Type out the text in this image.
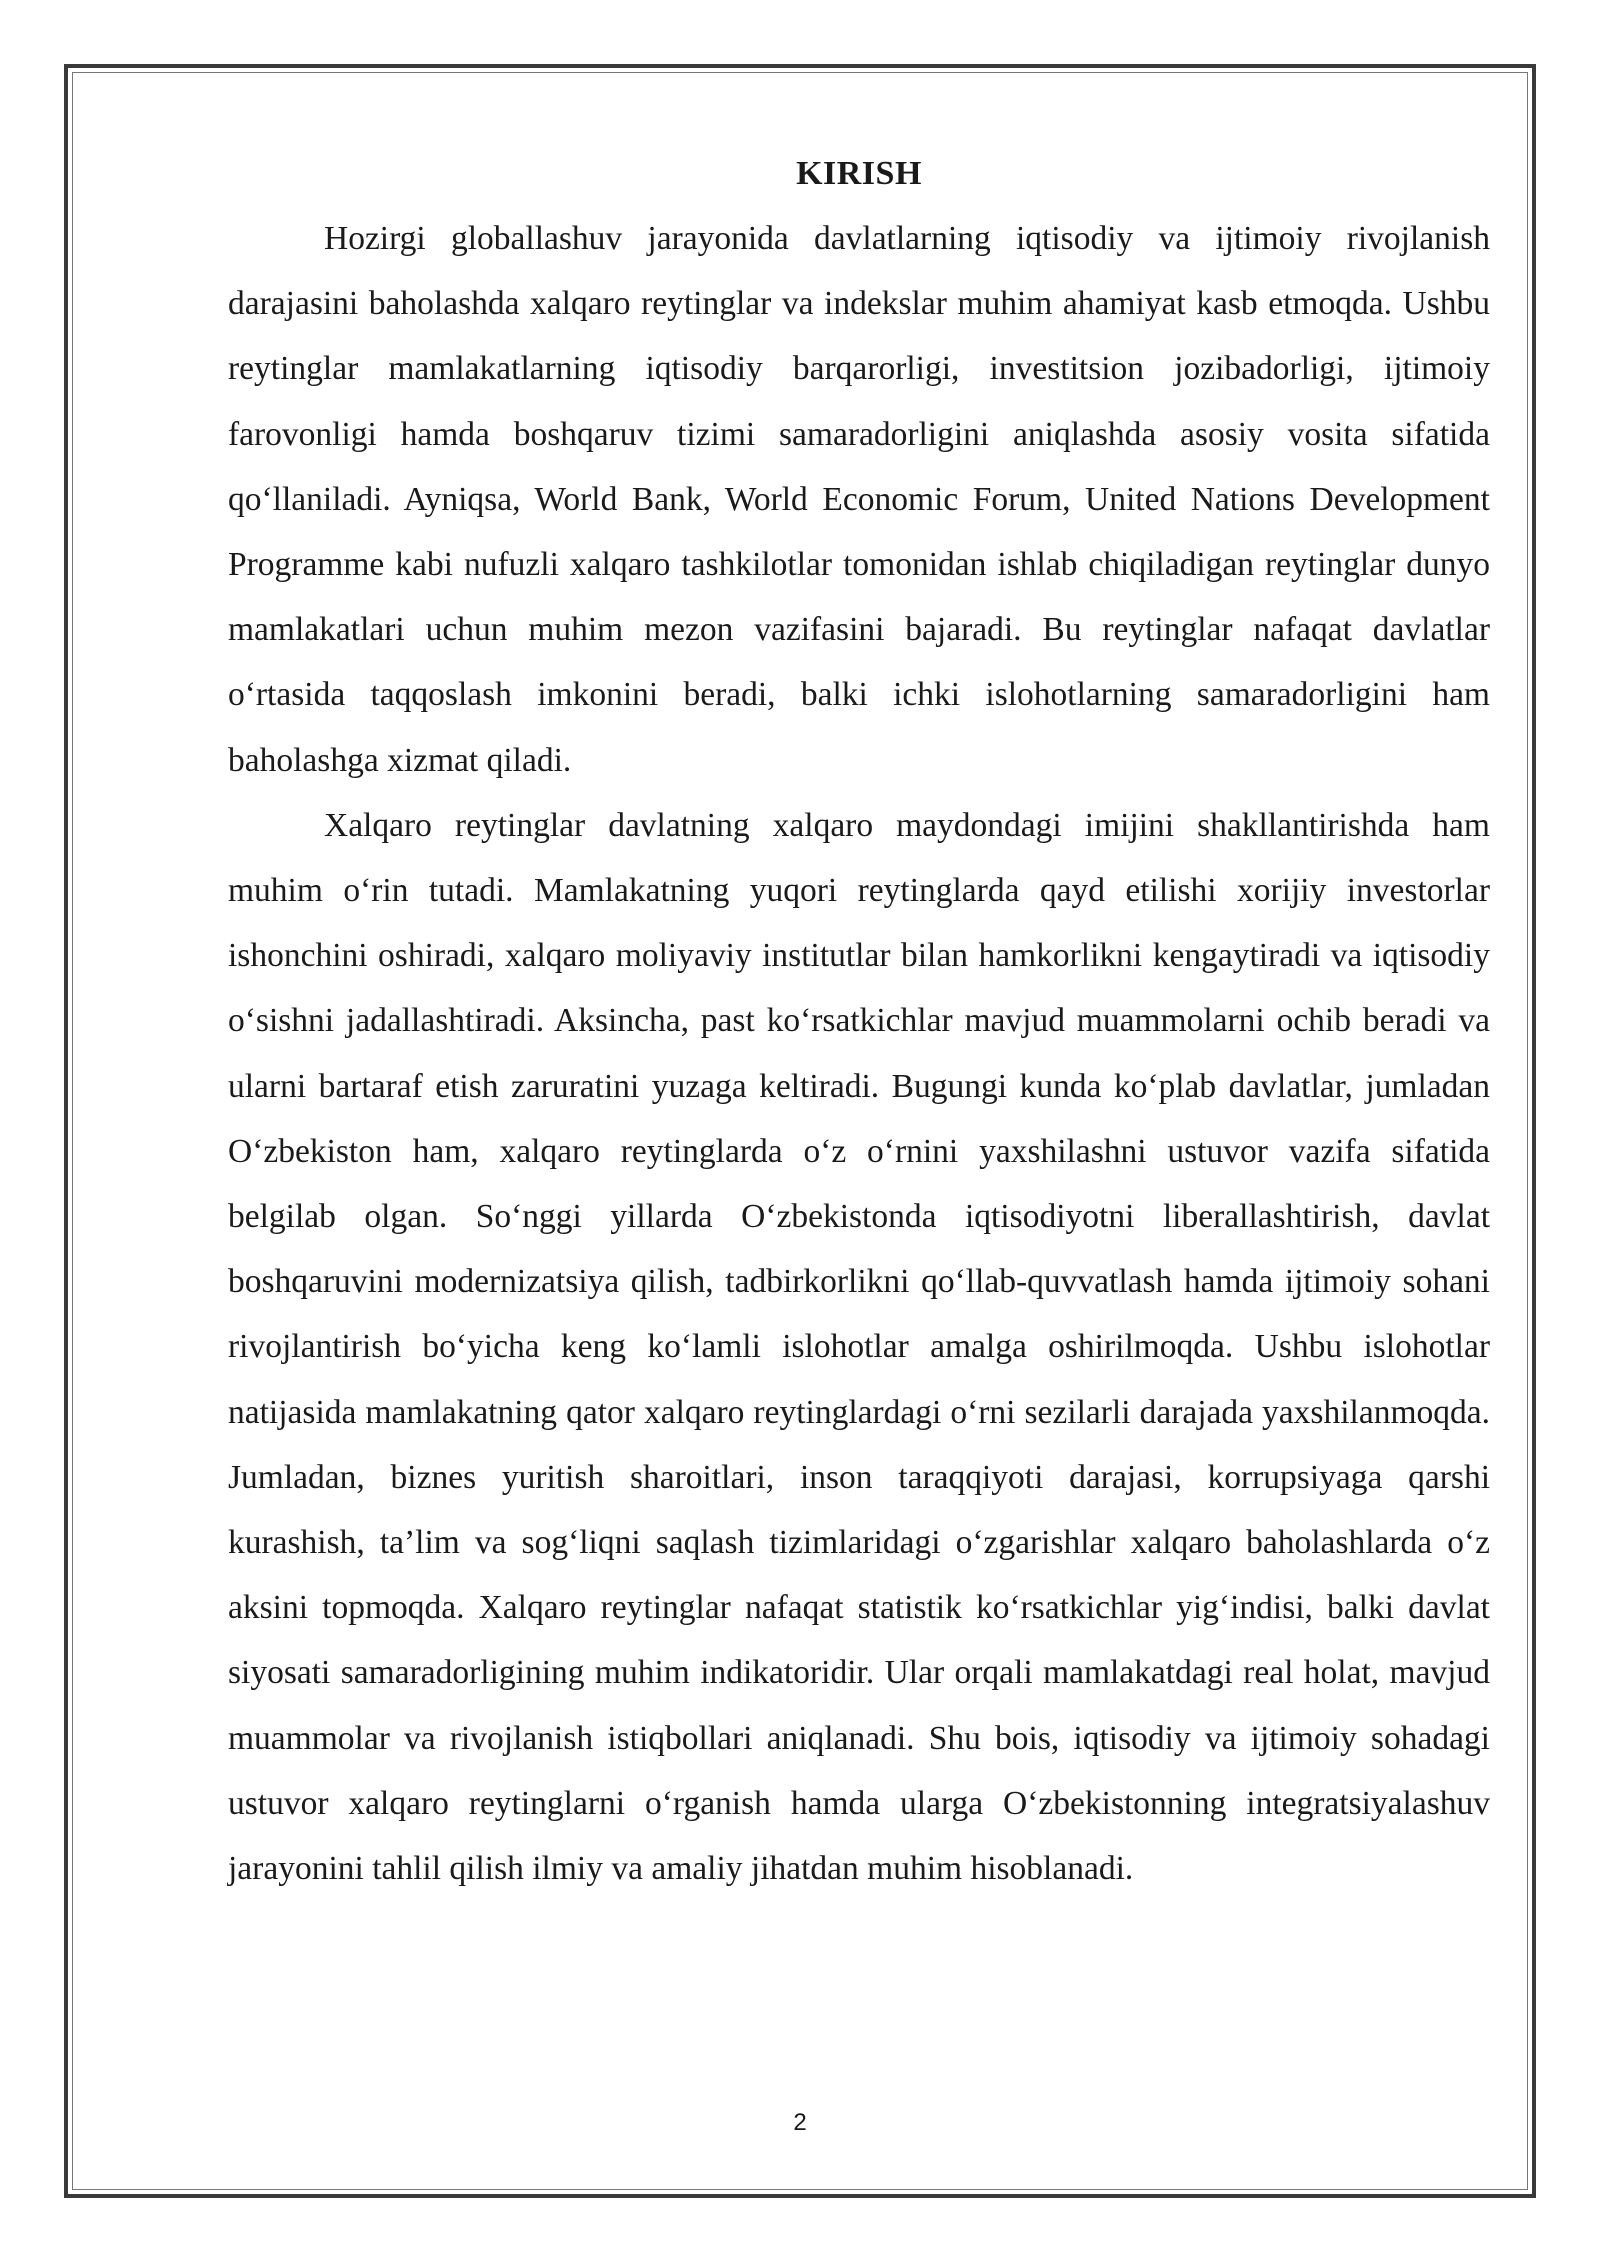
KIRISH

Hozirgi globallashuv jarayonida davlatlarning iqtisodiy va ijtimoiy rivojlanish darajasini baholashda xalqaro reytinglar va indekslar muhim ahamiyat kasb etmoqda. Ushbu reytinglar mamlakatlarning iqtisodiy barqarorligi, investitsion jozibadorligi, ijtimoiy farovonligi hamda boshqaruv tizimi samaradorligini aniqlashda asosiy vosita sifatida qo‘llaniladi. Ayniqsa, World Bank, World Economic Forum, United Nations Development Programme kabi nufuzli xalqaro tashkilotlar tomonidan ishlab chiqiladigan reytinglar dunyo mamlakatlari uchun muhim mezon vazifasini bajaradi. Bu reytinglar nafaqat davlatlar o‘rtasida taqqoslash imkonini beradi, balki ichki islohotlarning samaradorligini ham baholashga xizmat qiladi.

Xalqaro reytinglar davlatning xalqaro maydondagi imijini shakllantirishda ham muhim o‘rin tutadi. Mamlakatning yuqori reytinglarda qayd etilishi xorijiy investorlar ishonchini oshiradi, xalqaro moliyaviy institutlar bilan hamkorlikni kengaytiradi va iqtisodiy o‘sishni jadallashtiradi. Aksincha, past ko‘rsatkichlar mavjud muammolarni ochib beradi va ularni bartaraf etish zaruratini yuzaga keltiradi. Bugungi kunda ko‘plab davlatlar, jumladan O‘zbekiston ham, xalqaro reytinglarda o‘z o‘rnini yaxshilashni ustuvor vazifa sifatida belgilab olgan. So‘nggi yillarda O‘zbekistonda iqtisodiyotni liberallashtirish, davlat boshqaruvini modernizatsiya qilish, tadbirkorlikni qo‘llab-quvvatlash hamda ijtimoiy sohani rivojlantirish bo‘yicha keng ko‘lamli islohotlar amalga oshirilmoqda. Ushbu islohotlar natijasida mamlakatning qator xalqaro reytinglardagi o‘rni sezilarli darajada yaxshilanmoqda. Jumladan, biznes yuritish sharoitlari, inson taraqqiyoti darajasi, korrupsiyaga qarshi kurashish, ta’lim va sog‘liqni saqlash tizimlaridagi o‘zgarishlar xalqaro baholashlarda o‘z aksini topmoqda. Xalqaro reytinglar nafaqat statistik ko‘rsatkichlar yig‘indisi, balki davlat siyosati samaradorligining muhim indikatoridir. Ular orqali mamlakatdagi real holat, mavjud muammolar va rivojlanish istiqbollari aniqlanadi. Shu bois, iqtisodiy va ijtimoiy sohadagi ustuvor xalqaro reytinglarni o‘rganish hamda ularga O‘zbekistonning integratsiyalashuv jarayonini tahlil qilish ilmiy va amaliy jihatdan muhim hisoblanadi.

2
